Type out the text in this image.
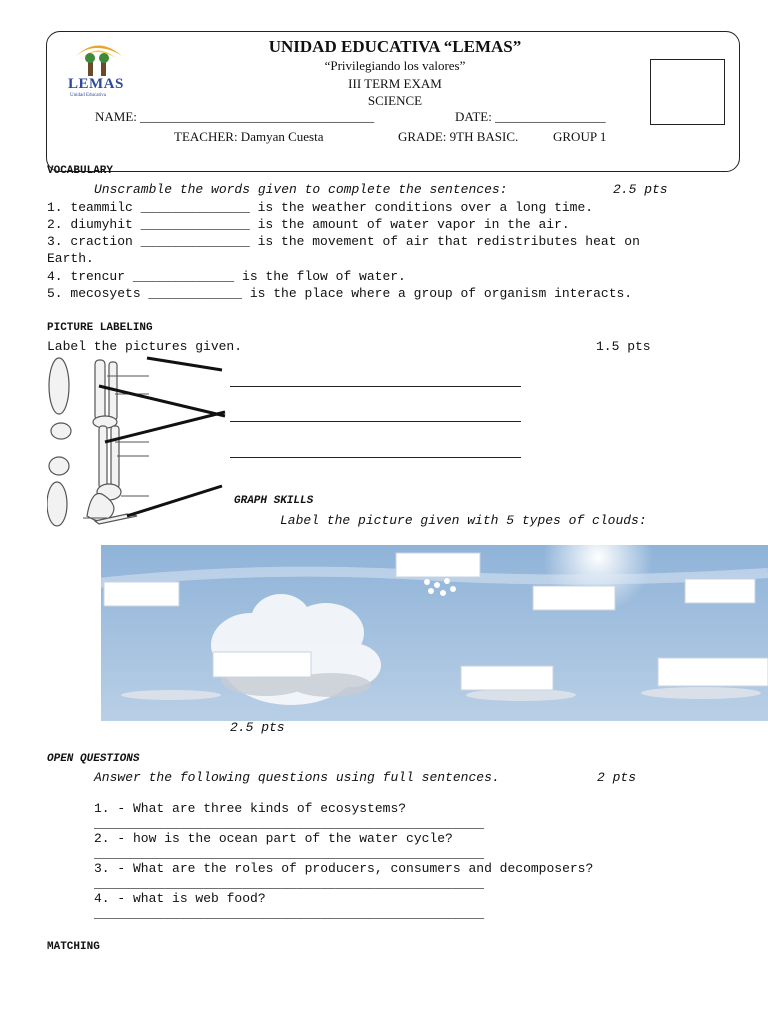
LEMAS
Unidad Educativa
UNIDAD EDUCATIVA “LEMAS”
“Privilegiando los valores”
III TERM EXAM
SCIENCE
NAME: ____________________________________	DATE: _________________
TEACHER: Damyan Cuesta	GRADE: 9TH BASIC.	GROUP 1
VOCABULARY
Unscramble the words given to complete the sentences:	2.5 pts
1. teammilc ______________ is the weather conditions over a long time.
2. diumyhit ______________ is the amount of water vapor in the air.
3. craction ______________ is the movement of air that redistributes heat on
Earth.
4. trencur _____________ is the flow of water.
5. mecosyets ____________ is the place where a group of organism interacts.
PICTURE LABELING
Label the pictures given.	1.5 pts
GRAPH SKILLS
Label the picture given with 5 types of clouds:
2.5 pts
OPEN QUESTIONS
Answer the following questions using full sentences.	2 pts
1. - What are three kinds of ecosystems?
__________________________________________________
2. - how is the ocean part of the water cycle?
__________________________________________________
3. - What are the roles of producers, consumers and decomposers?
__________________________________________________
4. - what is web food?
__________________________________________________
MATCHING
